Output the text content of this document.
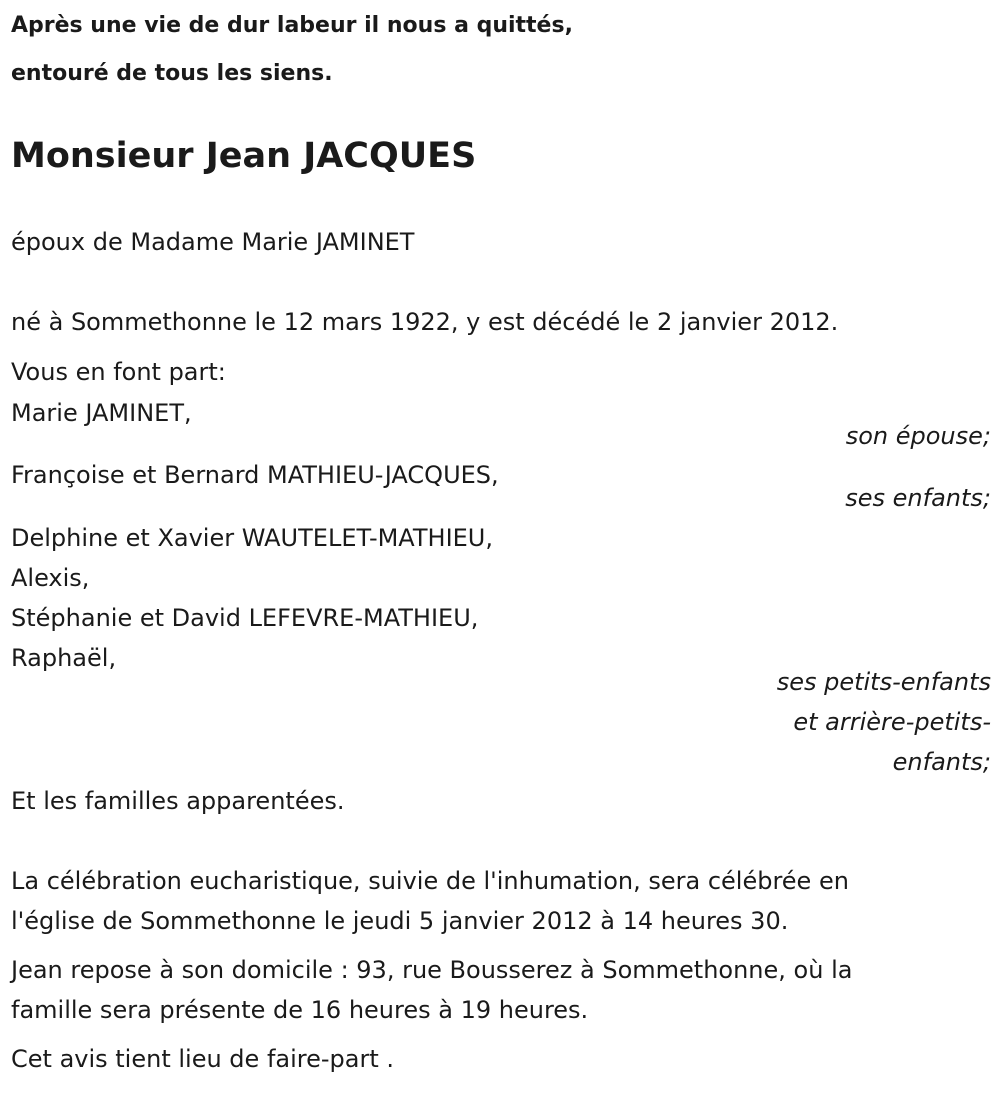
Après une vie de dur labeur il nous a quittés,
entouré de tous les siens.
Monsieur Jean JACQUES
époux de Madame Marie JAMINET
né à Sommethonne le 12 mars 1922, y est décédé le 2 janvier 2012.
Vous en font part:
Marie JAMINET,
son épouse;
Françoise et Bernard MATHIEU-JACQUES,
ses enfants;
Delphine et Xavier WAUTELET-MATHIEU,
Alexis,
Stéphanie et David LEFEVRE-MATHIEU,
Raphaël,
ses petits-enfants
et arrière-petits-
enfants;
Et les familles apparentées.
La célébration eucharistique, suivie de l'inhumation, sera célébrée en
l'église de Sommethonne le jeudi 5 janvier 2012 à 14 heures 30.
Jean repose à son domicile : 93, rue Bousserez à Sommethonne, où la
famille sera présente de 16 heures à 19 heures.
Cet avis tient lieu de faire-part .
